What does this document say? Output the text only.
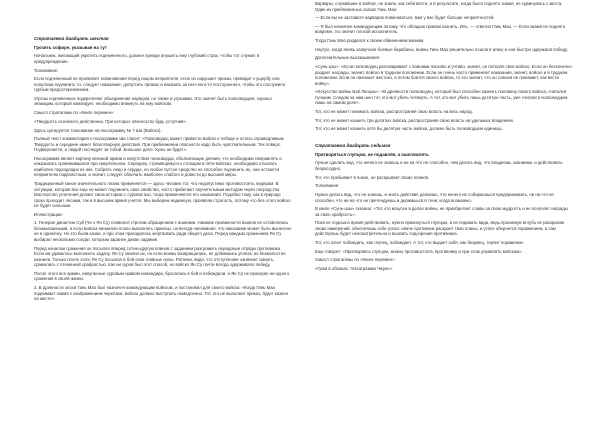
Стратагема двадцать шестая
Грозить софоре, указывая на тут

Начальник, желающий укротить подчиненного, должен прежде внушить ему глубокий страх, чтобы тот служил в предупреждение.

Толкование:

Если подчиненный не проявляет повиновения перед лицом неприятеля, если он нарушает приказ, приводит к ущербу или попыткам подчинить то, следует наказание; допустить промах и наказать за него кого-то постороннего, чтобы это послужило грубым предостережением.

Угрозы подчиненных подкрепляют объединение нарядом, но также и угрозами. Это значит быть полководцем, хорошо знающим, который командует, необходимо вникнуть на ему войском.

Смысл стратагемы по «Книге перемен»:

«Твердость основного действенна. При которых опасностях будь уступчив».

Здесь цитируется толкование на гексаграмму № 7 Ши (Войско).

Полный текст комментария к гексаграмме Ши гласит: «Полководец может привести войско к победе и остать справедливым. Твердость и середине имеет благотворную действия. При приближении опасности надо быть чувствительным. Тех поверх. Подвергаются, и людей последует за тобой. Большое дело. Хулы не будет».

Гексаграмма являет картину великой армии и напутствия полководца, объясняющие деяния, что необходимо направлять и наказывать провинившихся при смертельном. Середину, стремящемуся к стоящим в пяти войсках, необходимо отыскать наиболее подходящих из них. Собрать лицо и сердце, но любое пустое средство не способно подчинить их, они остаются неприятелю подвластным, а значит, следует обличить наиболее слабого и довести до высшей меры.

Традиционный канон значительного плана применяется — здесь человек тот, что недопустимо противостоять лидерам. В ситуации, которая все еще не может подчинить свое свойство, часто прибегают поучительным методам через посредство. Мастерство угнетения делает свою историю с суровостью, тогда применяются его наказания. Подобно тому, как в природе гроза проходит лесами, так и в высшем армия учится. Мы выберем надежную, проявляя строгость, потому что без этого войско не будет сильным.

Иллюстрации:

1. Генерал династии Суй (Чи э Ян Су) славился строгим обращением с воинами. Никакие провинности воинов не оставлялись безнаказанными, а если войска начинали плохо выполнять приказы, он всегда напоминал, что наказание может быть вынесено не в одиночку. Но это были казни, и при этом приходилось жертвовать ради общего дела. Перед каждым сражением Ян Су выбирал нескольких солдат, которым заранее давал задание.

Перед началом сражения он посылал вперед сотню-другую воинов с заданием разгромить передовые отряды противника. Если им удавалось выполнить задачу, Ян Су хвалил их, но если воины возвращались, не добившись успеха, их безжалостно казнили. Только после этого Ян Су посылал в бой свои главные силы. Ратники, видя, что отступление означает смерть, сражались с отчаянной храбростью. Как ни суров был этот способ, но войско Ян Су почти всегда одерживало победу.

После этого все армии, напуганные суровым нравом командира, бросались в бой и побеждали, и Ян Су не проиграл ни одного сражения в своей жизни.

2. В древности эпохи Гань Мао был назначен командующим войском, и постановил для своего войска: «Когда Гань Мао поднимает знамя с изображением черепахи, войско должно выступить немедленно. Тот, кто не выполнит приказ, будет казнен на месте».

Варвары, служившие в войске, не знали, как себя вести, и в результате, когда было поднято знамя, не сдвинулись с места. Один из приближенных сказал Гань Мао:

— Если вы не заставите варваров повиноваться, вам у вас будет больше неприятностей.

— Я был назначен командующим потому, что обладаю правом казнить. Иль, — ответил Гань Мао, — Если знамя не поднято вовремя, это значит плохой исполнитель.

Тогда Гань Мао раздался к своим обвинениям воинам.

Наутро, когда вновь зазвучали боевые барабаны, воины Гань Мао решительно пошли в атаку и они быстро одержали победу.

Дополнительные высказывания:

«Сунь-цзы»: «Если полководец разговаривает с воинами ласково и учтиво, значит, он потерял свое войско. Если он бесконечно раздает награды, значит, войско в трудном положении. Если он очень часто применяет наказания, значит, войско и в трудном положении. Если он начинает жестоко, а потом боится своего войска, то это значит, что он совсем не понимает, как вести войну».

«Искусство войны Вэй Ляоцзы»: «В древности полководец, который был способен казнить половину своего войска, считался лучшим. Следом за ним шел тот, кто мог убить четверть. А тот, кто мог убить лишь десятую часть, уже считался полководцем лишь на самом деле».

Тот, кто не может понимать войска, распространяя свою власть на весь народ.

Тот, кто не может казнить три десятых войска, распространяя свою власть на удельных владениях.

Тот, кто не может казнить хотя бы десятую часть войска, должен быть полководцем единицы.

Стратагема двадцать седьмая
Притворяться глупцом, не подавляя, а ошеломлять

Лучше сделать вид, что ничего не знаешь и ни на что не способен, чем делать вид, что владеешь знаниями, и действовать безрассудно.

Тот, кто пребывает в покое, не раскрывает своих планов.

Толкование:

Нужно делать вид, что не знаешь, и знать действие делаешь, что ничего не собираешься предпринимать, ни на что не способен, что ни на что не претендуешь и держишься в тени, когда возможно.

В книге «Сунь-цзы» сказано: «Тот, кто искусен в делах войны, не приобретает славы за свою мудрость и не получает награды за свою храбрость».

Пока не подошло время действовать, нужно прикинуться глупцом, и не подавать вида, ведь проникнув вглубь не раскрывая своих намерений, обеспечишь себе успех: иначе противник раскроет твои планы, и успех обернется поражением, а сам действуешь будет неосмотрительно и вызвать подозрения противника.

Тот, кто хочет побеждать, как глупец, побеждает. А тот, кто выдает себя, как безумец, терпит поражение.

Еще говорят: «Притворяясь глупцом, можно противостоять противнику и при этом управлять войском».

Смысл стратагемы по «Книге перемен»:

«Гром в облаках. Гексаграмма Чжунь».
